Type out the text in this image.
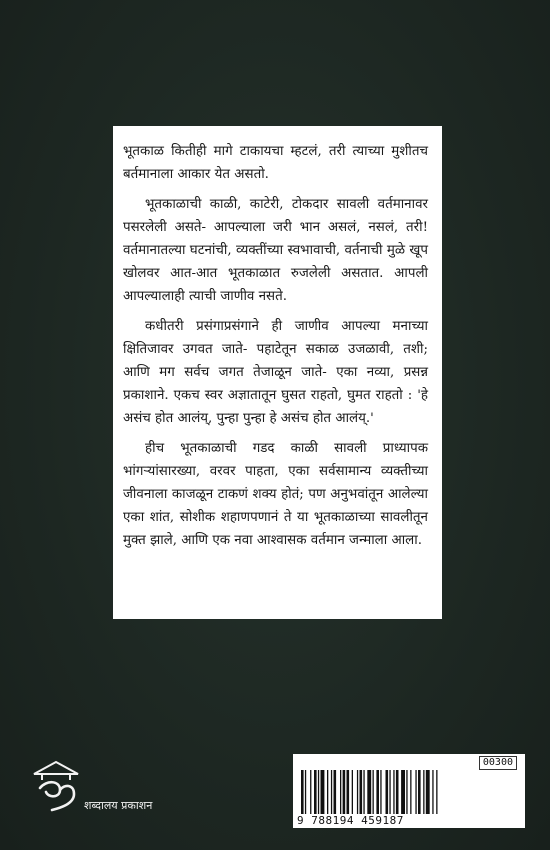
भूतकाळ कितीही मागे टाकायचा म्हटलं, तरी त्याच्या मुशीतच बर्तमानाला आकार येत असतो.

भूतकाळाची काळी, काटेरी, टोकदार सावली वर्तमानावर पसरलेली असते- आपल्याला जरी भान असलं, नसलं, तरी! वर्तमानातल्या घटनांची, व्यक्तींच्या स्वभावाची, वर्तनाची मुळे खूप खोलवर आत-आत भूतकाळात रुजलेली असतात. आपली आपल्यालाही त्याची जाणीव नसते.

कधीतरी प्रसंगाप्रसंगाने ही जाणीव आपल्या मनाच्या क्षितिजावर उगवत जाते- पहाटेतून सकाळ उजळावी, तशी; आणि मग सर्वच जगत तेजाळून जाते- एका नव्या, प्रसन्न प्रकाशाने. एकच स्वर अज्ञातातून घुसत राहतो, घुमत राहतो : 'हे असंच होत आलंय्, पुन्हा पुन्हा हे असंच होत आलंय्.'

हीच भूतकाळाची गडद काळी सावली प्राध्यापक भांगऱ्यांसारख्या, वरवर पाहता, एका सर्वसामान्य व्यक्तीच्या जीवनाला काजळून टाकणं शक्य होतं; पण अनुभवांतून आलेल्या एका शांत, सोशीक शहाणपणानं ते या भूतकाळाच्या सावलीतून मुक्त झाले, आणि एक नवा आश्वासक वर्तमान जन्माला आला.

शब्दालय प्रकाशन
00300
9 788194 459187
